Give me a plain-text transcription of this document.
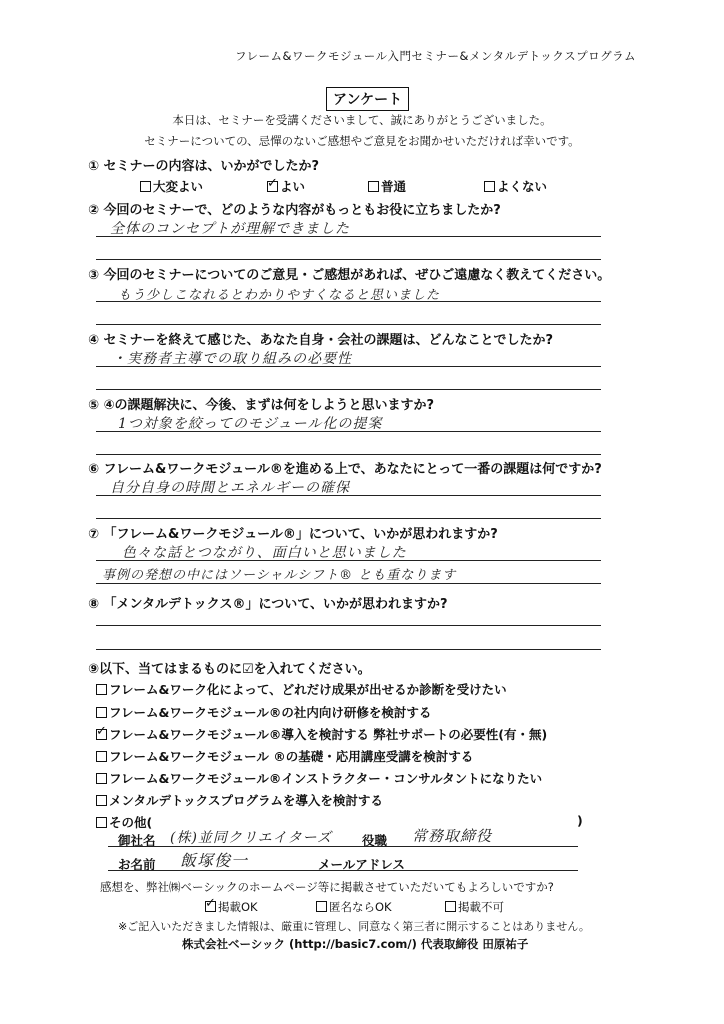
フレーム&ワークモジュール入門セミナー&メンタルデトックスプログラム
アンケート
本日は、セミナーを受講くださいまして、誠にありがとうございました。
セミナーについての、忌憚のないご感想やご意見をお聞かせいただければ幸いです。
① セミナーの内容は、いかがでしたか?
大変よい
✓	よい	普通	よくない
② 今回のセミナーで、どのような内容がもっともお役に立ちましたか?
全体のコンセプトが理解できました
③ 今回のセミナーについてのご意見・ご感想があれば、ぜひご遠慮なく教えてください。
もう少しこなれるとわかりやすくなると思いました
④ セミナーを終えて感じた、あなた自身・会社の課題は、どんなことでしたか?
・実務者主導での取り組みの必要性
⑤ ④の課題解決に、今後、まずは何をしようと思いますか?
1つ対象を絞ってのモジュール化の提案
⑥ フレーム&ワークモジュール®を進める上で、あなたにとって一番の課題は何ですか?
自分自身の時間とエネルギーの確保
⑦ 「フレーム&ワークモジュール®」について、いかが思われますか?
色々な話とつながり、面白いと思いました
事例の発想の中にはソーシャルシフト® とも重なります
⑧ 「メンタルデトックス®」について、いかが思われますか?
⑨以下、当てはまるものに☑を入れてください。
フレーム&ワーク化によって、どれだけ成果が出せるか診断を受けたい
フレーム&ワークモジュール®の社内向け研修を検討する
✓フレーム&ワークモジュール®導入を検討する 弊社サポートの必要性(有・無)
フレーム&ワークモジュール ®の基礎・応用講座受講を検討する
フレーム&ワークモジュール®インストラクター・コンサルタントになりたい
メンタルデトックスプログラムを導入を検討する
その他(	)
御社名 (株)並同クリエイターズ 役職 常務取締役
お名前 飯塚俊一	メールアドレス
感想を、弊社㈱ベーシックのホームページ等に掲載させていただいてもよろしいですか?
✓掲載OK	匿名ならOK	掲載不可
※ご記入いただきました情報は、厳重に管理し、同意なく第三者に開示することはありません。
株式会社ベーシック (http://basic7.com/) 代表取締役 田原祐子
